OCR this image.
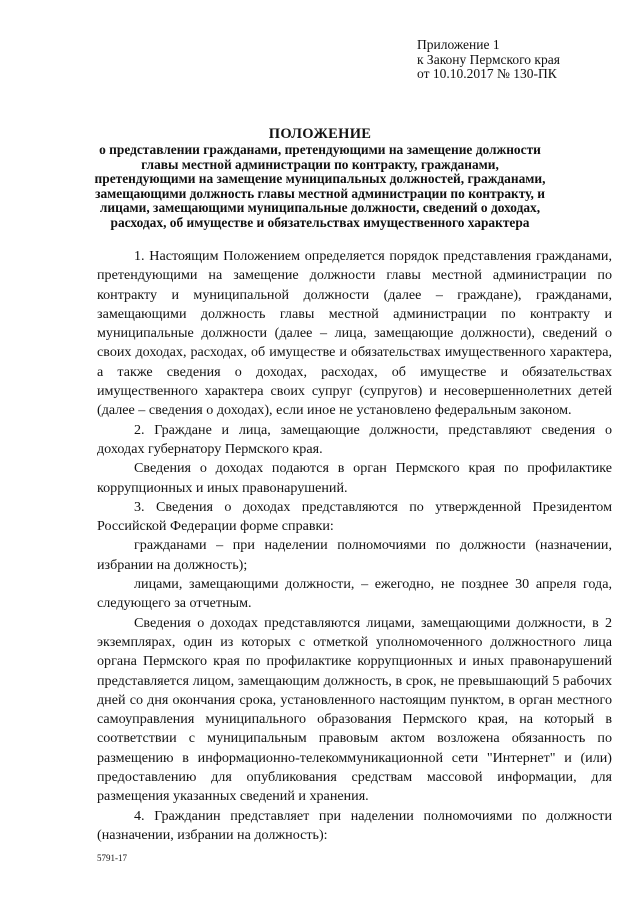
Приложение 1
к Закону Пермского края
от 10.10.2017 № 130-ПК
ПОЛОЖЕНИЕ
о представлении гражданами, претендующими на замещение должности главы местной администрации по контракту, гражданами, претендующими на замещение муниципальных должностей, гражданами, замещающими должность главы местной администрации по контракту, и лицами, замещающими муниципальные должности, сведений о доходах, расходах, об имуществе и обязательствах имущественного характера

1. Настоящим Положением определяется порядок представления гражданами, претендующими на замещение должности главы местной администрации по контракту и муниципальной должности (далее – граждане), гражданами, замещающими должность главы местной администрации по контракту и муниципальные должности (далее – лица, замещающие должности), сведений о своих доходах, расходах, об имуществе и обязательствах имущественного характера, а также сведения о доходах, расходах, об имуществе и обязательствах имущественного характера своих супруг (супругов) и несовершеннолетних детей (далее – сведения о доходах), если иное не установлено федеральным законом.

2. Граждане и лица, замещающие должности, представляют сведения о доходах губернатору Пермского края.

Сведения о доходах подаются в орган Пермского края по профилактике коррупционных и иных правонарушений.

3. Сведения о доходах представляются по утвержденной Президентом Российской Федерации форме справки:

гражданами – при наделении полномочиями по должности (назначении, избрании на должность);

лицами, замещающими должности, – ежегодно, не позднее 30 апреля года, следующего за отчетным.

Сведения о доходах представляются лицами, замещающими должности, в 2 экземплярах, один из которых с отметкой уполномоченного должностного лица органа Пермского края по профилактике коррупционных и иных правонарушений представляется лицом, замещающим должность, в срок, не превышающий 5 рабочих дней со дня окончания срока, установленного настоящим пунктом, в орган местного самоуправления муниципального образования Пермского края, на который в соответствии с муниципальным правовым актом возложена обязанность по размещению в информационно-телекоммуникационной сети "Интернет" и (или) предоставлению для опубликования средствам массовой информации, для размещения указанных сведений и хранения.

4. Гражданин представляет при наделении полномочиями по должности (назначении, избрании на должность):

5791-17
